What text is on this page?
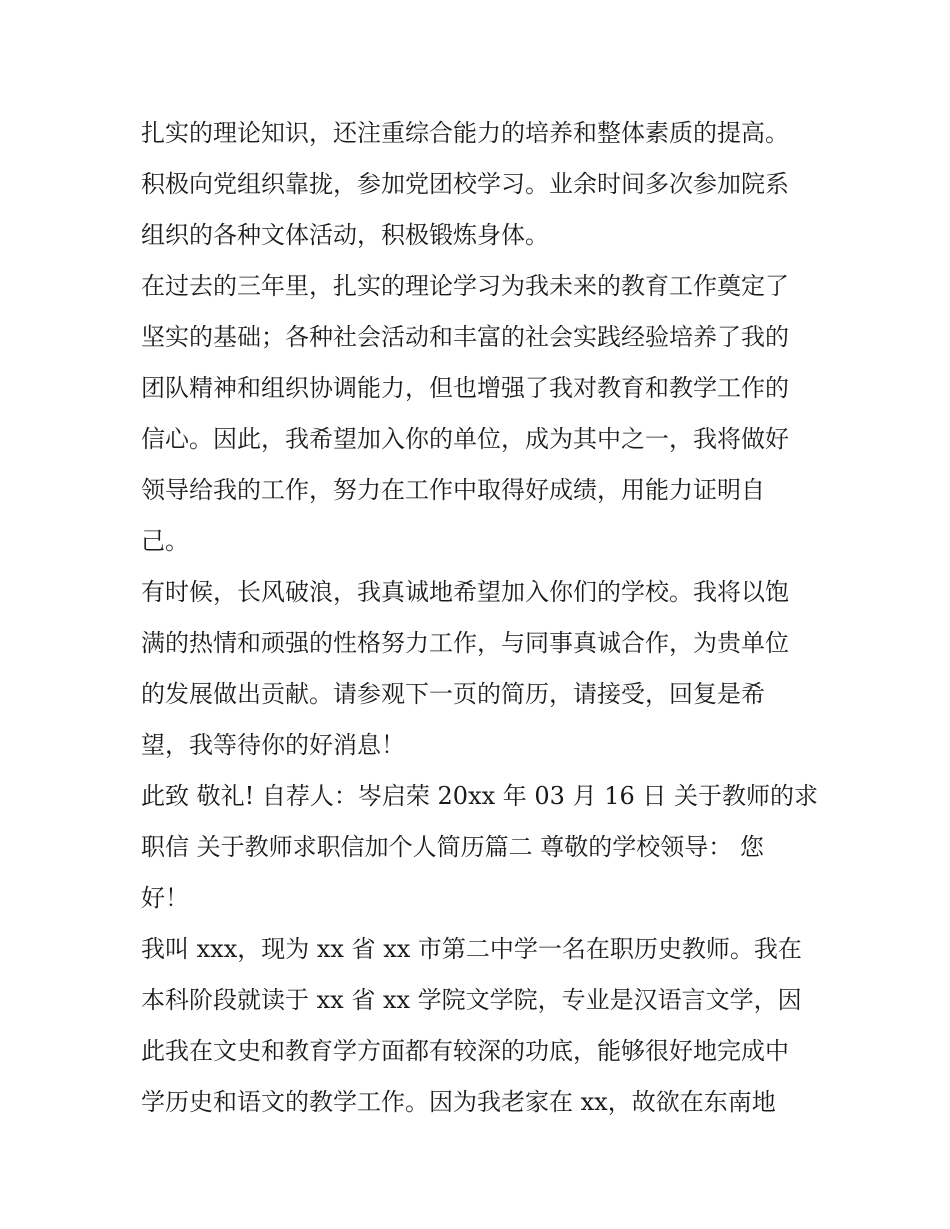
扎实的理论知识，还注重综合能力的培养和整体素质的提高。
积极向党组织靠拢，参加党团校学习。业余时间多次参加院系
组织的各种文体活动，积极锻炼身体。

在过去的三年里，扎实的理论学习为我未来的教育工作奠定了
坚实的基础；各种社会活动和丰富的社会实践经验培养了我的
团队精神和组织协调能力，但也增强了我对教育和教学工作的
信心。因此，我希望加入你的单位，成为其中之一，我将做好
领导给我的工作，努力在工作中取得好成绩，用能力证明自
己。

有时候，长风破浪，我真诚地希望加入你们的学校。我将以饱
满的热情和顽强的性格努力工作，与同事真诚合作，为贵单位
的发展做出贡献。请参观下一页的简历，请接受，回复是希
望，我等待你的好消息！

此致 敬礼! 自荐人：岑启荣 20xx 年 03 月 16 日 关于教师的求
职信 关于教师求职信加个人简历篇二 尊敬的学校领导： 您
好！

我叫 xxx，现为 xx 省 xx 市第二中学一名在职历史教师。我在
本科阶段就读于 xx 省 xx 学院文学院，专业是汉语言文学，因
此我在文史和教育学方面都有较深的功底，能够很好地完成中
学历史和语文的教学工作。因为我老家在 xx，故欲在东南地
